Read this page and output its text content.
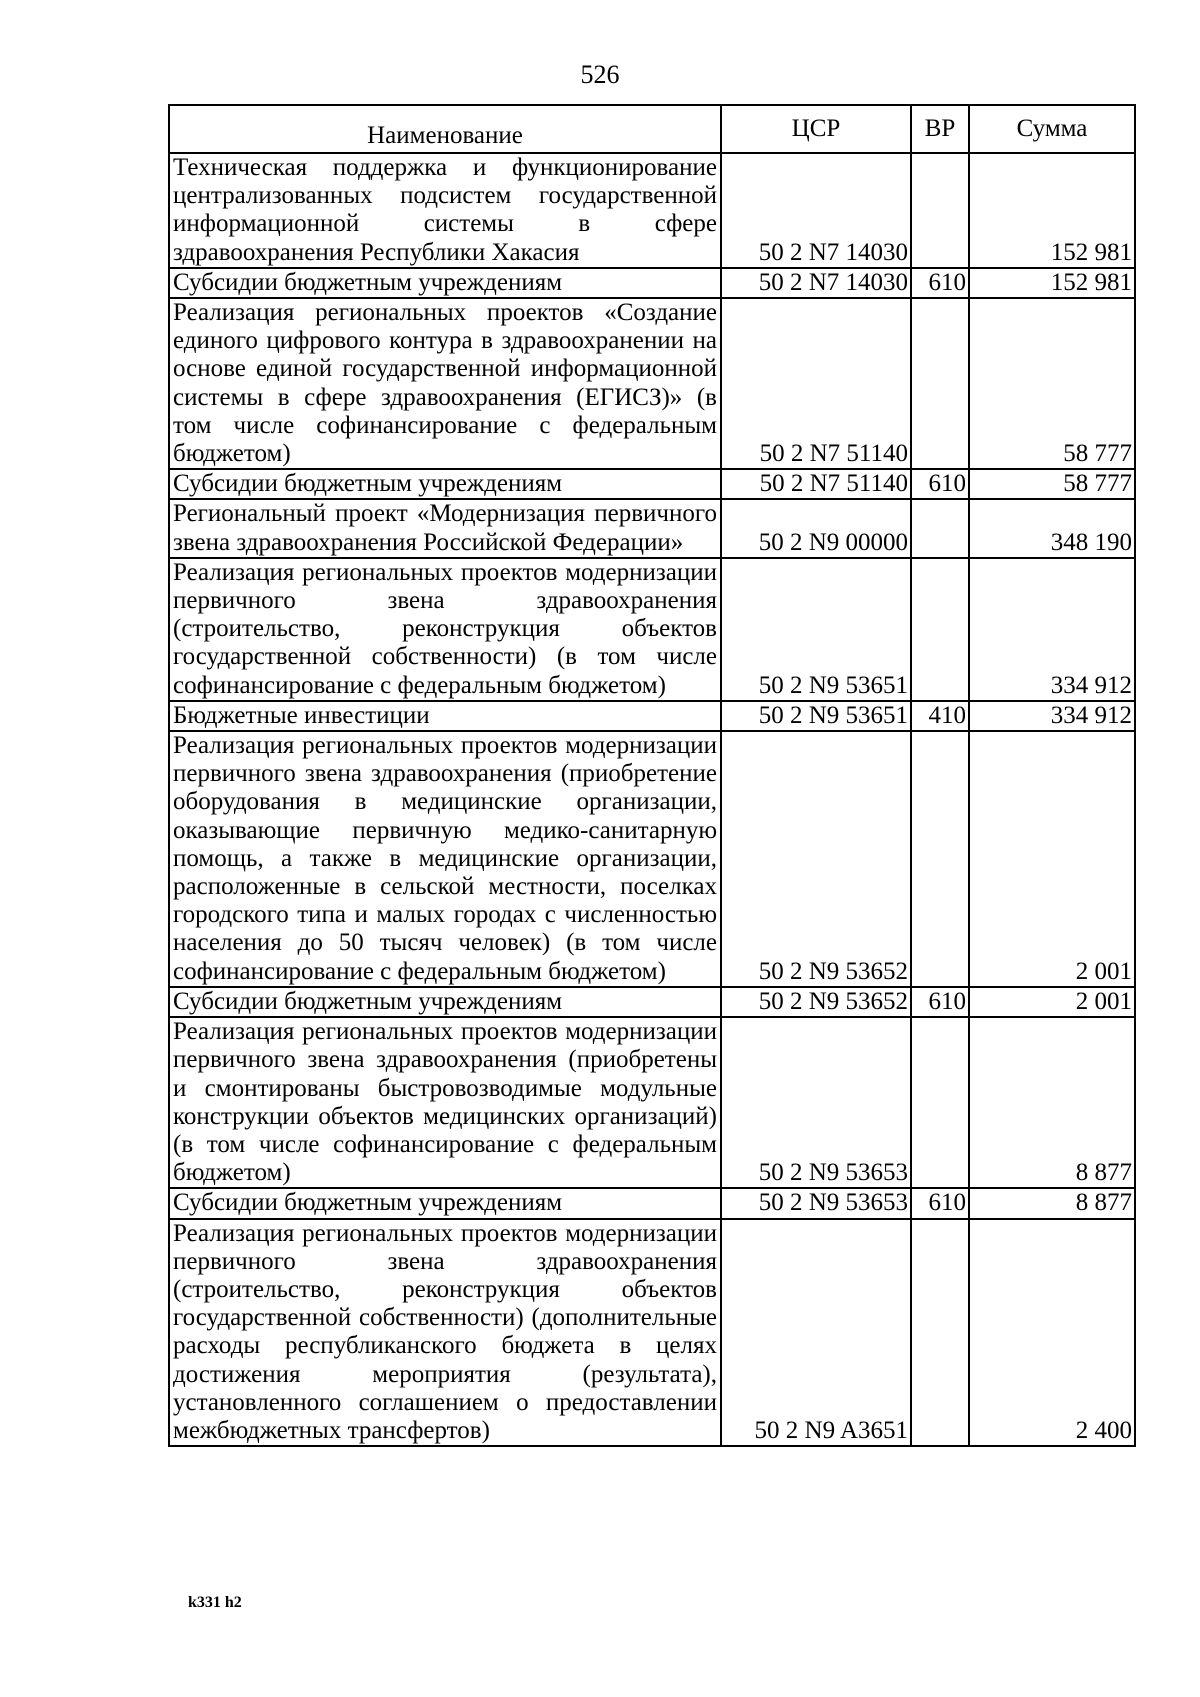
526
Наименование	ЦСР	ВР	Сумма
Техническая поддержка и функционирование централизованных подсистем государственной информационной системы в сфере здравоохранения Республики Хакасия	50 2 N7 14030		152 981
Субсидии бюджетным учреждениям	50 2 N7 14030	610	152 981
Реализация региональных проектов «Создание единого цифрового контура в здравоохранении на основе единой государственной информационной системы в сфере здравоохранения (ЕГИСЗ)» (в том числе софинансирование с федеральным бюджетом)	50 2 N7 51140		58 777
Субсидии бюджетным учреждениям	50 2 N7 51140	610	58 777
Региональный проект «Модернизация первичного звена здравоохранения Российской Федерации»	50 2 N9 00000		348 190
Реализация региональных проектов модернизации первичного звена здравоохранения (строительство, реконструкция объектов государственной собственности) (в том числе софинансирование с федеральным бюджетом)	50 2 N9 53651		334 912
Бюджетные инвестиции	50 2 N9 53651	410	334 912
Реализация региональных проектов модернизации первичного звена здравоохранения (приобретение оборудования в медицинские организации, оказывающие первичную медико-санитарную помощь, а также в медицинские организации, расположенные в сельской местности, поселках городского типа и малых городах с численностью населения до 50 тысяч человек) (в том числе софинансирование с федеральным бюджетом)	50 2 N9 53652		2 001
Субсидии бюджетным учреждениям	50 2 N9 53652	610	2 001
Реализация региональных проектов модернизации первичного звена здравоохранения (приобретены и смонтированы быстровозводимые модульные конструкции объектов медицинских организаций) (в том числе софинансирование с федеральным бюджетом)	50 2 N9 53653		8 877
Субсидии бюджетным учреждениям	50 2 N9 53653	610	8 877
Реализация региональных проектов модернизации первичного звена здравоохранения (строительство, реконструкция объектов государственной собственности) (дополнительные расходы республиканского бюджета в целях достижения мероприятия (результата), установленного соглашением о предоставлении межбюджетных трансфертов)	50 2 N9 A3651		2 400
k331 h2
